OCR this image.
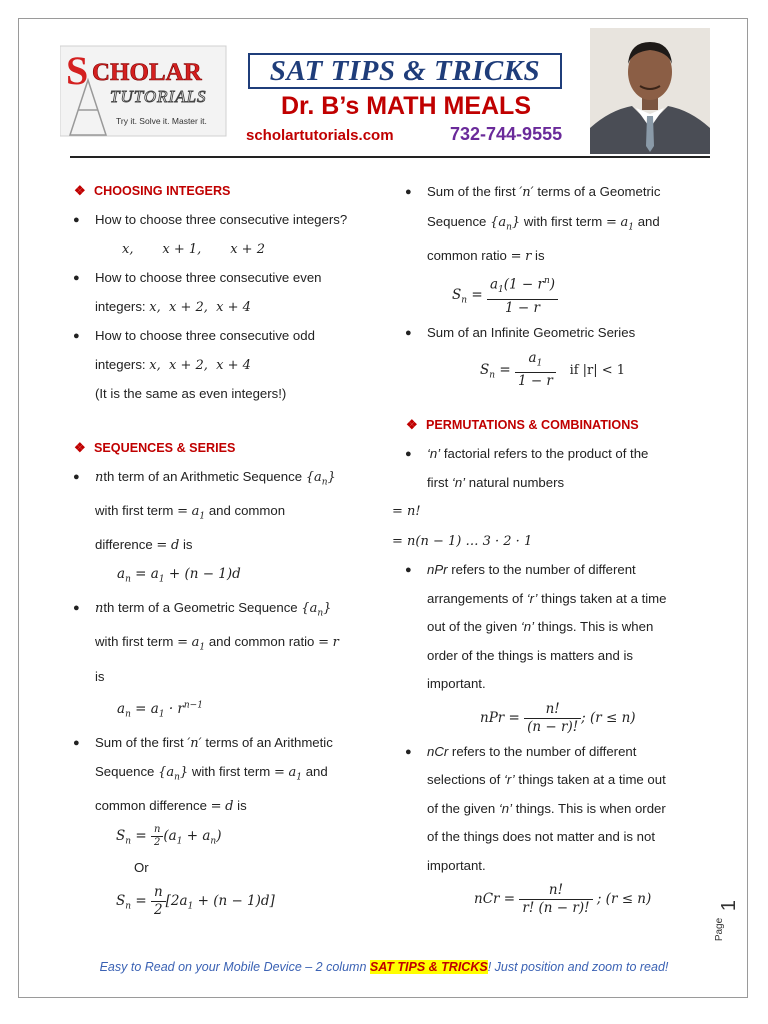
S CHOLAR
TUTORIALS
Try it. Solve it. Master it.
SAT TIPS & TRICKS
Dr. B’s MATH MEALS
scholartutorials.com	732-744-9555
❖ CHOOSING INTEGERS
● How to choose three consecutive integers?
x,       x + 1,       x + 2
● How to choose three consecutive even
integers: x,  x + 2,  x + 4
● How to choose three consecutive odd
integers: x,  x + 2,  x + 4
(It is the same as even integers!)
❖ SEQUENCES & SERIES
● nth term of an Arithmetic Sequence $\{a_n\}$
with first term = $a_1$ and common
difference = d is
$a_n = a_1 + (n - 1)d$
● nth term of a Geometric Sequence $\{a_n\}$
with first term = $a_1$ and common ratio = r
is
$a_n = a_1 \cdot r^{n-1}$
● Sum of the first ′n′ terms of an Arithmetic
Sequence $\{a_n\}$ with first term = $a_1$ and
common difference = d is
$S_n = \frac{n}{2} (a_1 + a_n)$
Or
$S_n = \frac{n}{2} [2a_1 + (n - 1)d]$
● Sum of the first ′n′ terms of a Geometric
Sequence $\{a_n\}$ with first term = $a_1$ and
common ratio = r is
$S_n = \frac{a_1(1 - r^n)}{1 - r}$
● Sum of an Infinite Geometric Series
$S_n = \frac{a_1}{1 - r}$ if |r| < 1
❖ PERMUTATIONS & COMBINATIONS
● ‘n’ factorial refers to the product of the
first ‘n’ natural numbers
= n!
= n(n − 1) … 3 · 2 · 1
● nPr refers to the number of different
arrangements of ‘r’ things taken at a time
out of the given ‘n’ things. This is when
order of the things is matters and is
important.
nPr = $\frac{n!}{(n - r)!}$ ; (r ≤ n)
● nCr refers to the number of different
selections of ‘r’ things taken at a time out
of the given ‘n’ things. This is when order
of the things does not matter and is not
important.
nCr = $\frac{n!}{r! (n - r)!}$ ; (r ≤ n)
Page
1
Easy to Read on your Mobile Device – 2 column SAT TIPS & TRICKS! Just position and zoom to read!
